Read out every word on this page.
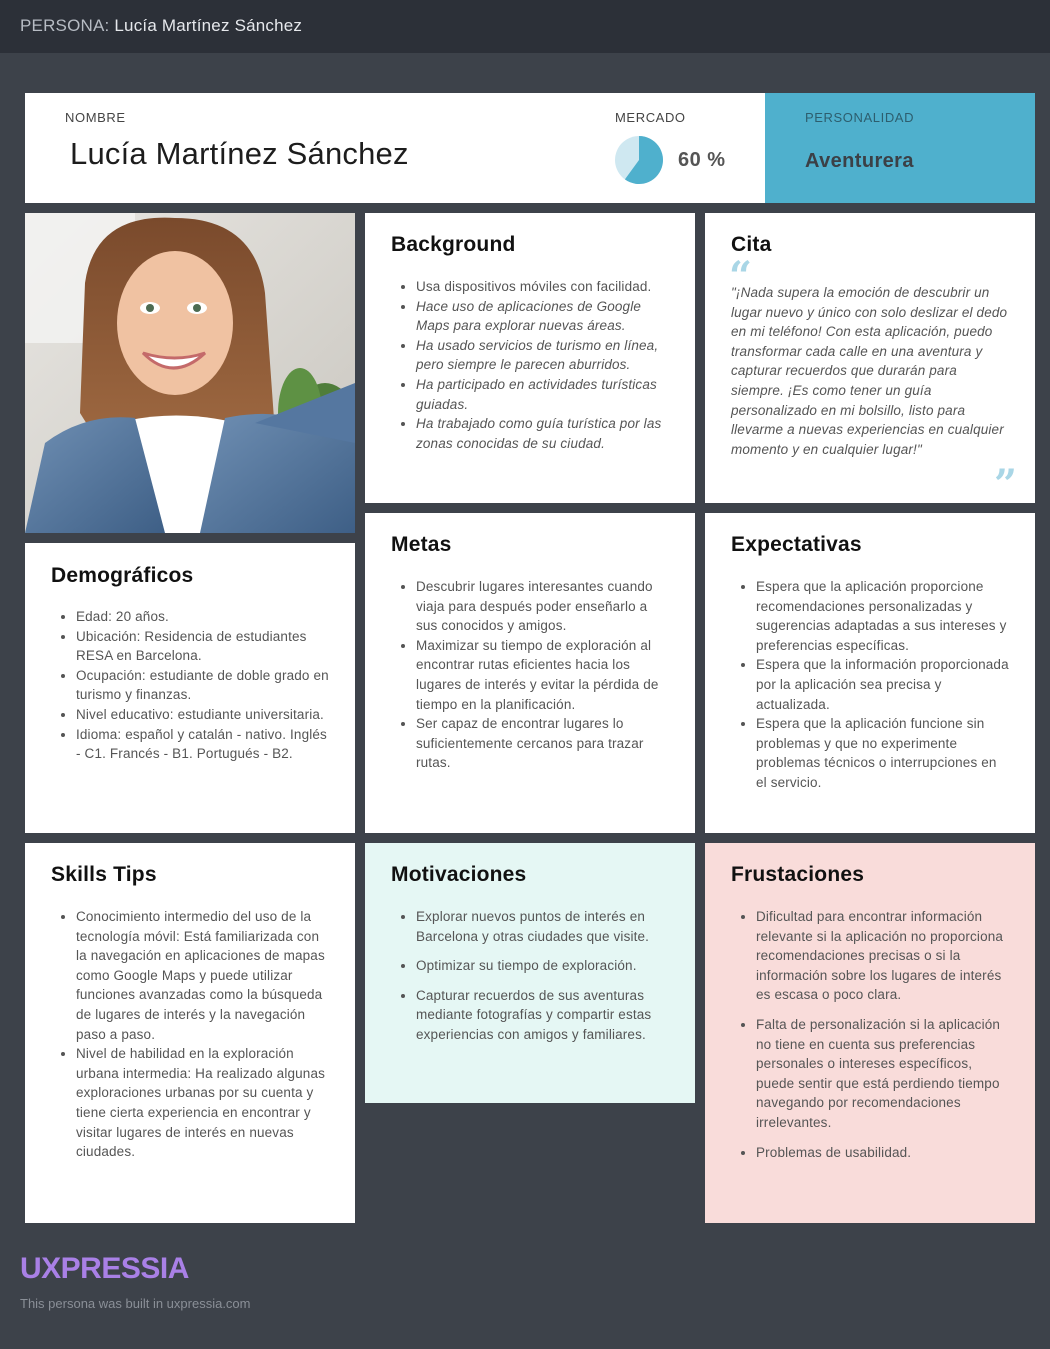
PERSONA: Lucía Martínez Sánchez
NOMBRE
Lucía Martínez Sánchez
MERCADO
60 %
PERSONALIDAD
Aventurera
Background
• Usa dispositivos móviles con facilidad.
• Hace uso de aplicaciones de Google Maps para explorar nuevas áreas.
• Ha usado servicios de turismo en línea, pero siempre le parecen aburridos.
• Ha participado en actividades turísticas guiadas.
• Ha trabajado como guía turística por las zonas conocidas de su ciudad.
Cita
“
"¡Nada supera la emoción de descubrir un lugar nuevo y único con solo deslizar el dedo en mi teléfono! Con esta aplicación, puedo transformar cada calle en una aventura y capturar recuerdos que durarán para siempre. ¡Es como tener un guía personalizado en mi bolsillo, listo para llevarme a nuevas experiencias en cualquier momento y en cualquier lugar!"
”
Demográficos
• Edad: 20 años.
• Ubicación: Residencia de estudiantes RESA en Barcelona.
• Ocupación: estudiante de doble grado en turismo y finanzas.
• Nivel educativo: estudiante universitaria.
• Idioma: español y catalán - nativo. Inglés - C1. Francés - B1. Portugués - B2.
Metas
• Descubrir lugares interesantes cuando viaja para después poder enseñarlo a sus conocidos y amigos.
• Maximizar su tiempo de exploración al encontrar rutas eficientes hacia los lugares de interés y evitar la pérdida de tiempo en la planificación.
• Ser capaz de encontrar lugares lo suficientemente cercanos para trazar rutas.
Expectativas
• Espera que la aplicación proporcione recomendaciones personalizadas y sugerencias adaptadas a sus intereses y preferencias específicas.
• Espera que la información proporcionada por la aplicación sea precisa y actualizada.
• Espera que la aplicación funcione sin problemas y que no experimente problemas técnicos o interrupciones en el servicio.
Skills Tips
• Conocimiento intermedio del uso de la tecnología móvil: Está familiarizada con la navegación en aplicaciones de mapas como Google Maps y puede utilizar funciones avanzadas como la búsqueda de lugares de interés y la navegación paso a paso.
• Nivel de habilidad en la exploración urbana intermedia: Ha realizado algunas exploraciones urbanas por su cuenta y tiene cierta experiencia en encontrar y visitar lugares de interés en nuevas ciudades.
Motivaciones
• Explorar nuevos puntos de interés en Barcelona y otras ciudades que visite.
• Optimizar su tiempo de exploración.
• Capturar recuerdos de sus aventuras mediante fotografías y compartir estas experiencias con amigos y familiares.
Frustaciones
• Dificultad para encontrar información relevante si la aplicación no proporciona recomendaciones precisas o si la información sobre los lugares de interés es escasa o poco clara.
• Falta de personalización si la aplicación no tiene en cuenta sus preferencias personales o intereses específicos, puede sentir que está perdiendo tiempo navegando por recomendaciones irrelevantes.
• Problemas de usabilidad.
UXPRESSIA
This persona was built in uxpressia.com
